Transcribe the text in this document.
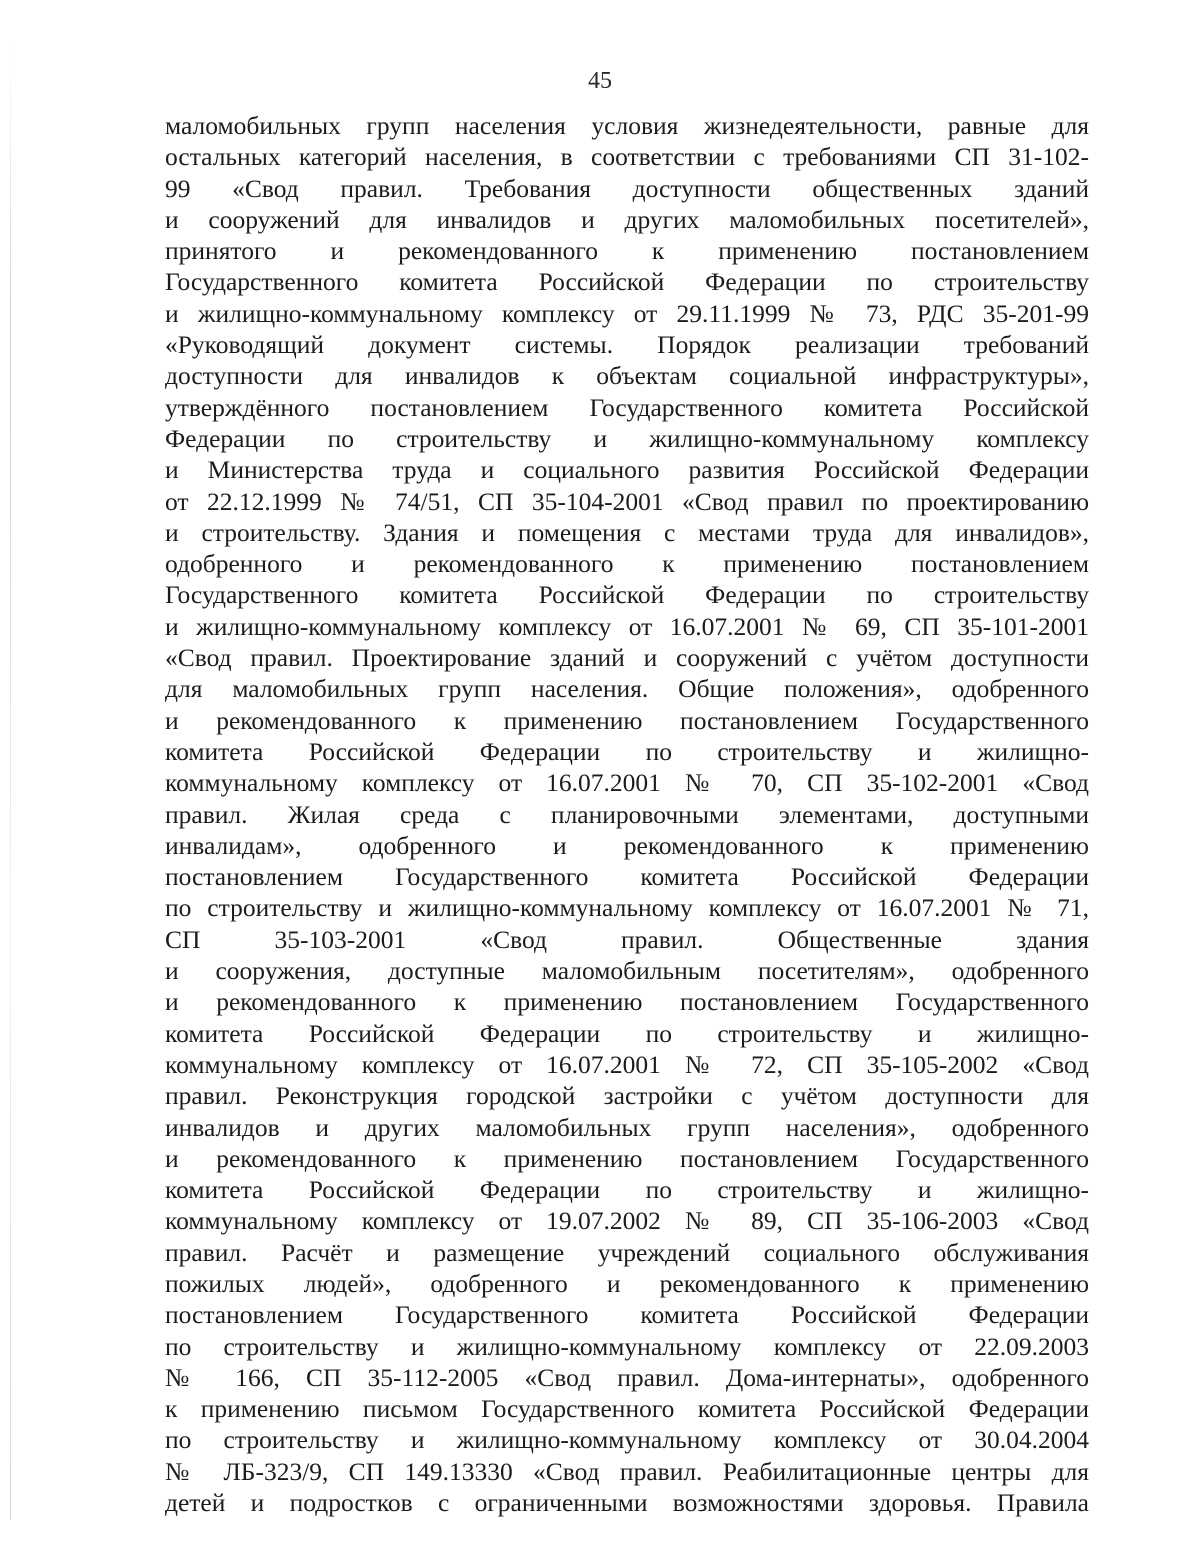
45
маломобильных групп населения условия жизнедеятельности, равные для
остальных категорий населения, в соответствии с требованиями СП 31-102-
99 «Свод правил. Требования доступности общественных зданий
и сооружений для инвалидов и других маломобильных посетителей»,
принятого и рекомендованного к применению постановлением
Государственного комитета Российской Федерации по строительству
и жилищно-коммунальному комплексу от 29.11.1999 № 73, РДС 35-201-99
«Руководящий документ системы. Порядок реализации требований
доступности для инвалидов к объектам социальной инфраструктуры»,
утверждённого постановлением Государственного комитета Российской
Федерации по строительству и жилищно-коммунальному комплексу
и Министерства труда и социального развития Российской Федерации
от 22.12.1999 № 74/51, СП 35-104-2001 «Свод правил по проектированию
и строительству. Здания и помещения с местами труда для инвалидов»,
одобренного и рекомендованного к применению постановлением
Государственного комитета Российской Федерации по строительству
и жилищно-коммунальному комплексу от 16.07.2001 № 69, СП 35-101-2001
«Свод правил. Проектирование зданий и сооружений с учётом доступности
для маломобильных групп населения. Общие положения», одобренного
и рекомендованного к применению постановлением Государственного
комитета Российской Федерации по строительству и жилищно-
коммунальному комплексу от 16.07.2001 № 70, СП 35-102-2001 «Свод
правил. Жилая среда с планировочными элементами, доступными
инвалидам», одобренного и рекомендованного к применению
постановлением Государственного комитета Российской Федерации
по строительству и жилищно-коммунальному комплексу от 16.07.2001 № 71,
СП 35-103-2001 «Свод правил. Общественные здания
и сооружения, доступные маломобильным посетителям», одобренного
и рекомендованного к применению постановлением Государственного
комитета Российской Федерации по строительству и жилищно-
коммунальному комплексу от 16.07.2001 № 72, СП 35-105-2002 «Свод
правил. Реконструкция городской застройки с учётом доступности для
инвалидов и других маломобильных групп населения», одобренного
и рекомендованного к применению постановлением Государственного
комитета Российской Федерации по строительству и жилищно-
коммунальному комплексу от 19.07.2002 № 89, СП 35-106-2003 «Свод
правил. Расчёт и размещение учреждений социального обслуживания
пожилых людей», одобренного и рекомендованного к применению
постановлением Государственного комитета Российской Федерации
по строительству и жилищно-коммунальному комплексу от 22.09.2003
№ 166, СП 35-112-2005 «Свод правил. Дома-интернаты», одобренного
к применению письмом Государственного комитета Российской Федерации
по строительству и жилищно-коммунальному комплексу от 30.04.2004
№ ЛБ-323/9, СП 149.13330 «Свод правил. Реабилитационные центры для
детей и подростков с ограниченными возможностями здоровья. Правила
